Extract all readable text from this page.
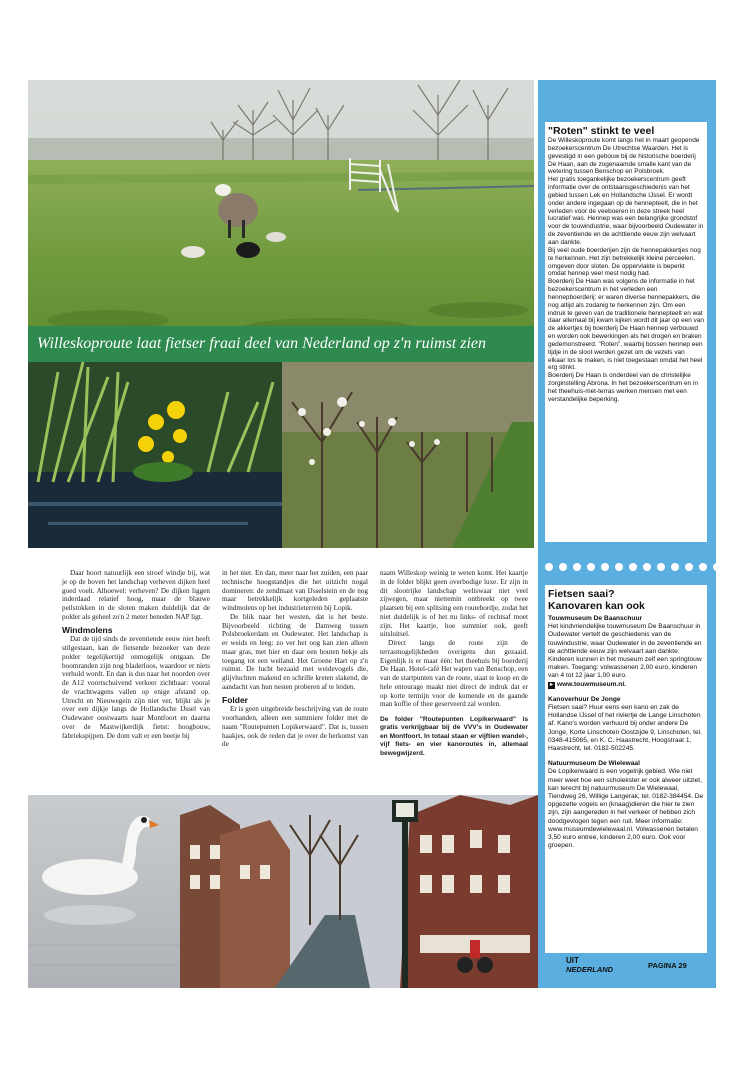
Willeskoproute laat fietser fraai deel van Nederland op z'n ruimst zien

Daar hoort natuurlijk een stroef windje bij, wat je op de boven het landschap verheven dijken heel goed voelt. Alhoewel: verheven? De dijken liggen inderdaad relatief hoog, maar de blauwe peilstokken in de sloten maken duidelijk dat de polder als geheel zo'n 2 meter beneden NAP ligt.

Windmolens

Dat de tijd sinds de zeventiende eeuw niet heeft stilgestaan, kan de fietsende bezoeker van deze polder tegelijkertijd onmogelijk ontgaan. De boomranden zijn nog bladerloos, waardoor er niets verhuld wordt. En dan is dus naar het noorden over de A12 voortschuivend verkeer zichtbaar: vooral de vrachtwagens vallen op enige afstand op. Utrecht en Nieuwegein zijn niet ver, blijkt als je over een dijkje langs de Hollandsche IJssel van Oudewater oostwaarts naar Montfoort en daarna over de Mastwijkerdijk fietst: hoogbouw, fabriekspijpen. De dom valt er een beetje bij

in het niet. En dan, meer naar het zuiden, een paar technische hoogstandjes die het uitzicht nogal domineren: de zendmast van IJsselstein en de nog maar betrekkelijk kortgeleden geplaatste windmolens op het industrieterrein bij Lopik.

De blik naar het westen, dat is het beste. Bijvoorbeeld richting de Damweg tussen Polsbroekerdam en Oudewater. Het landschap is er weids en leeg: zo ver het oog kan zien alleen maar gras, met hier en daar een houten hekje als toegang tot een weiland. Het Groene Hart op z'n ruimst. De lucht bezaaid met weidevogels die, glijvluchten makend en schrille kreten slakend, de aandacht van hun nesten proberen af te leiden.

Folder

Er is geen uitgebreide beschrijving van de route voorhanden, alleen een summiere folder met de naam "Routepunten Lopikerwaard". Dat is, tussen haakjes, ook de reden dat je over de herkomst van de

naam Willeskop weinig te weten komt. Het kaartje in de folder blijkt geen overbodige luxe. Er zijn in dit slootrijke landschap weliswaar niet veel zijwegen, maar niettemin ontbreekt op twee plaatsen bij een splitsing een routebordje, zodat het niet duidelijk is of het nu links- of rechtsaf moet zijn. Het kaartje, hoe summier ook, geeft uitsluitsel.

Direct langs de route zijn de terrasmogelijkheden overigens dun gezaaid. Eigenlijk is er maar één: het theehuis bij boerderij De Haan. Hotel-café Het wapen van Benschop, een van de startpunten van de route, staat te koop en de hele entourage maakt niet direct de indruk dat er op korte termijn voor de komende en de gaande man koffie of thee geserveerd zal worden.

De folder "Routepunten Lopikerwaard" is gratis verkrijgbaar bij de VVV's in Oudewater en Montfoort. In totaal staan er vijftien wandel-, vijf fiets- en vier kanoroutes in, allemaal bewegwijzerd.

"Roten" stinkt te veel

De Willeskoproute komt langs het in maart geopende bezoekerscentrum De Utrechtse Waarden. Het is gevestigd in een gebouw bij de historische boerderij De Haan, aan de zogenaamde smalle kant van de wetering tussen Benschop en Polsbroek.
Het gratis toegankelijke bezoekerscentrum geeft informatie over de ontstaansgeschiedenis van het gebied tussen Lek en Hollandsche IJssel. Er wordt onder andere ingegaan op de hennepteelt, die in het verleden voor de veeboeren in deze streek heel lucratief was. Hennep was een belangrijke grondstof voor de touwindustrie, waar bijvoorbeeld Oudewater in de zeventiende en de achttiende eeuw zijn welvaart aan dankte.
Bij veel oude boerderijen zijn de hennepakkertjes nog te herkennen. Het zijn betrekkelijk kleine perceelen, omgeven door sloten. De oppervlakte is beperkt omdat hennep veel mest nodig had.
Boerderij De Haan was volgens de informatie in het bezoekerscentrum in het verleden een hennepboerderij: er waren diverse hennepakkers, die nog altijd als zodanig te herkennen zijn. Om een indruk te geven van de traditionele hennepteelt en wat daar allemaal bij kwam kijken wordt dit jaar op een van de akkertjes bij boerderij De Haan hennep verbouwd en worden ook bewerkingen als het drogen en braken gedemonstreerd. "Roten", waarbij bossen hennep een tijdje in de sloot werden gezet om de vezels van elkaar los te maken, is niet toegestaan omdat het heel erg stinkt.
Boerderij De Haan is onderdeel van de christelijke zorginstelling Abrona. In het bezoekerscentrum en in het theehuis-met-terras werken mensen met een verstandelijke beperking.

Fietsen saai?

Kanovaren kan ook

Touwmuseum De Baanschuur

Het kindvriendelijke touwmuseum De Baanschuur in Oudewater vertelt de geschiedenis van de touwindustrie, waar Oudewater in de zeventiende en de achttiende eeuw zijn welvaart aan dankte. Kinderen kunnen in het museum zelf een springtouw maken. Toegang: volwassenen 2,00 euro, kinderen van 4 tot 12 jaar 1,00 euro.

▸ www.touwmuseum.nl.

Kanoverhuur De Jonge

Fietsen saai? Huur eens een kano en zak de Hollandse IJssel of het riviertje de Lange Linschoten af. Kano's worden verhuurd bij onder andere De Jonge, Korte Linschoten Oostzijde 9, Linschoten, tel. 0348-415065, en K. C. Haastrecht, Hoogstraat 1, Haastrecht, tel. 0182-502245.

Natuurmuseum De Wielewaal

De Lopikerwaard is een vogelrijk gebied. Wie niet meer weet hoe een scholekster er ook alweer uitziet, kan terecht bij natuurmuseum De Wielewaal, Tiendweg 26, Willige Langerak, tel. 0182-384454. De opgezette vogels en (knaag)dieren die hier te zien zijn, zijn aangereden in het verkeer of hebben zich doodgevlogen tegen een ruit. Meer informatie: www.museumdewielewaal.nl. Volwassenen betalen 3,50 euro entree, kinderen 2,00 euro. Ook voor groepen.

UIT
NEDERLAND	PAGINA 29
